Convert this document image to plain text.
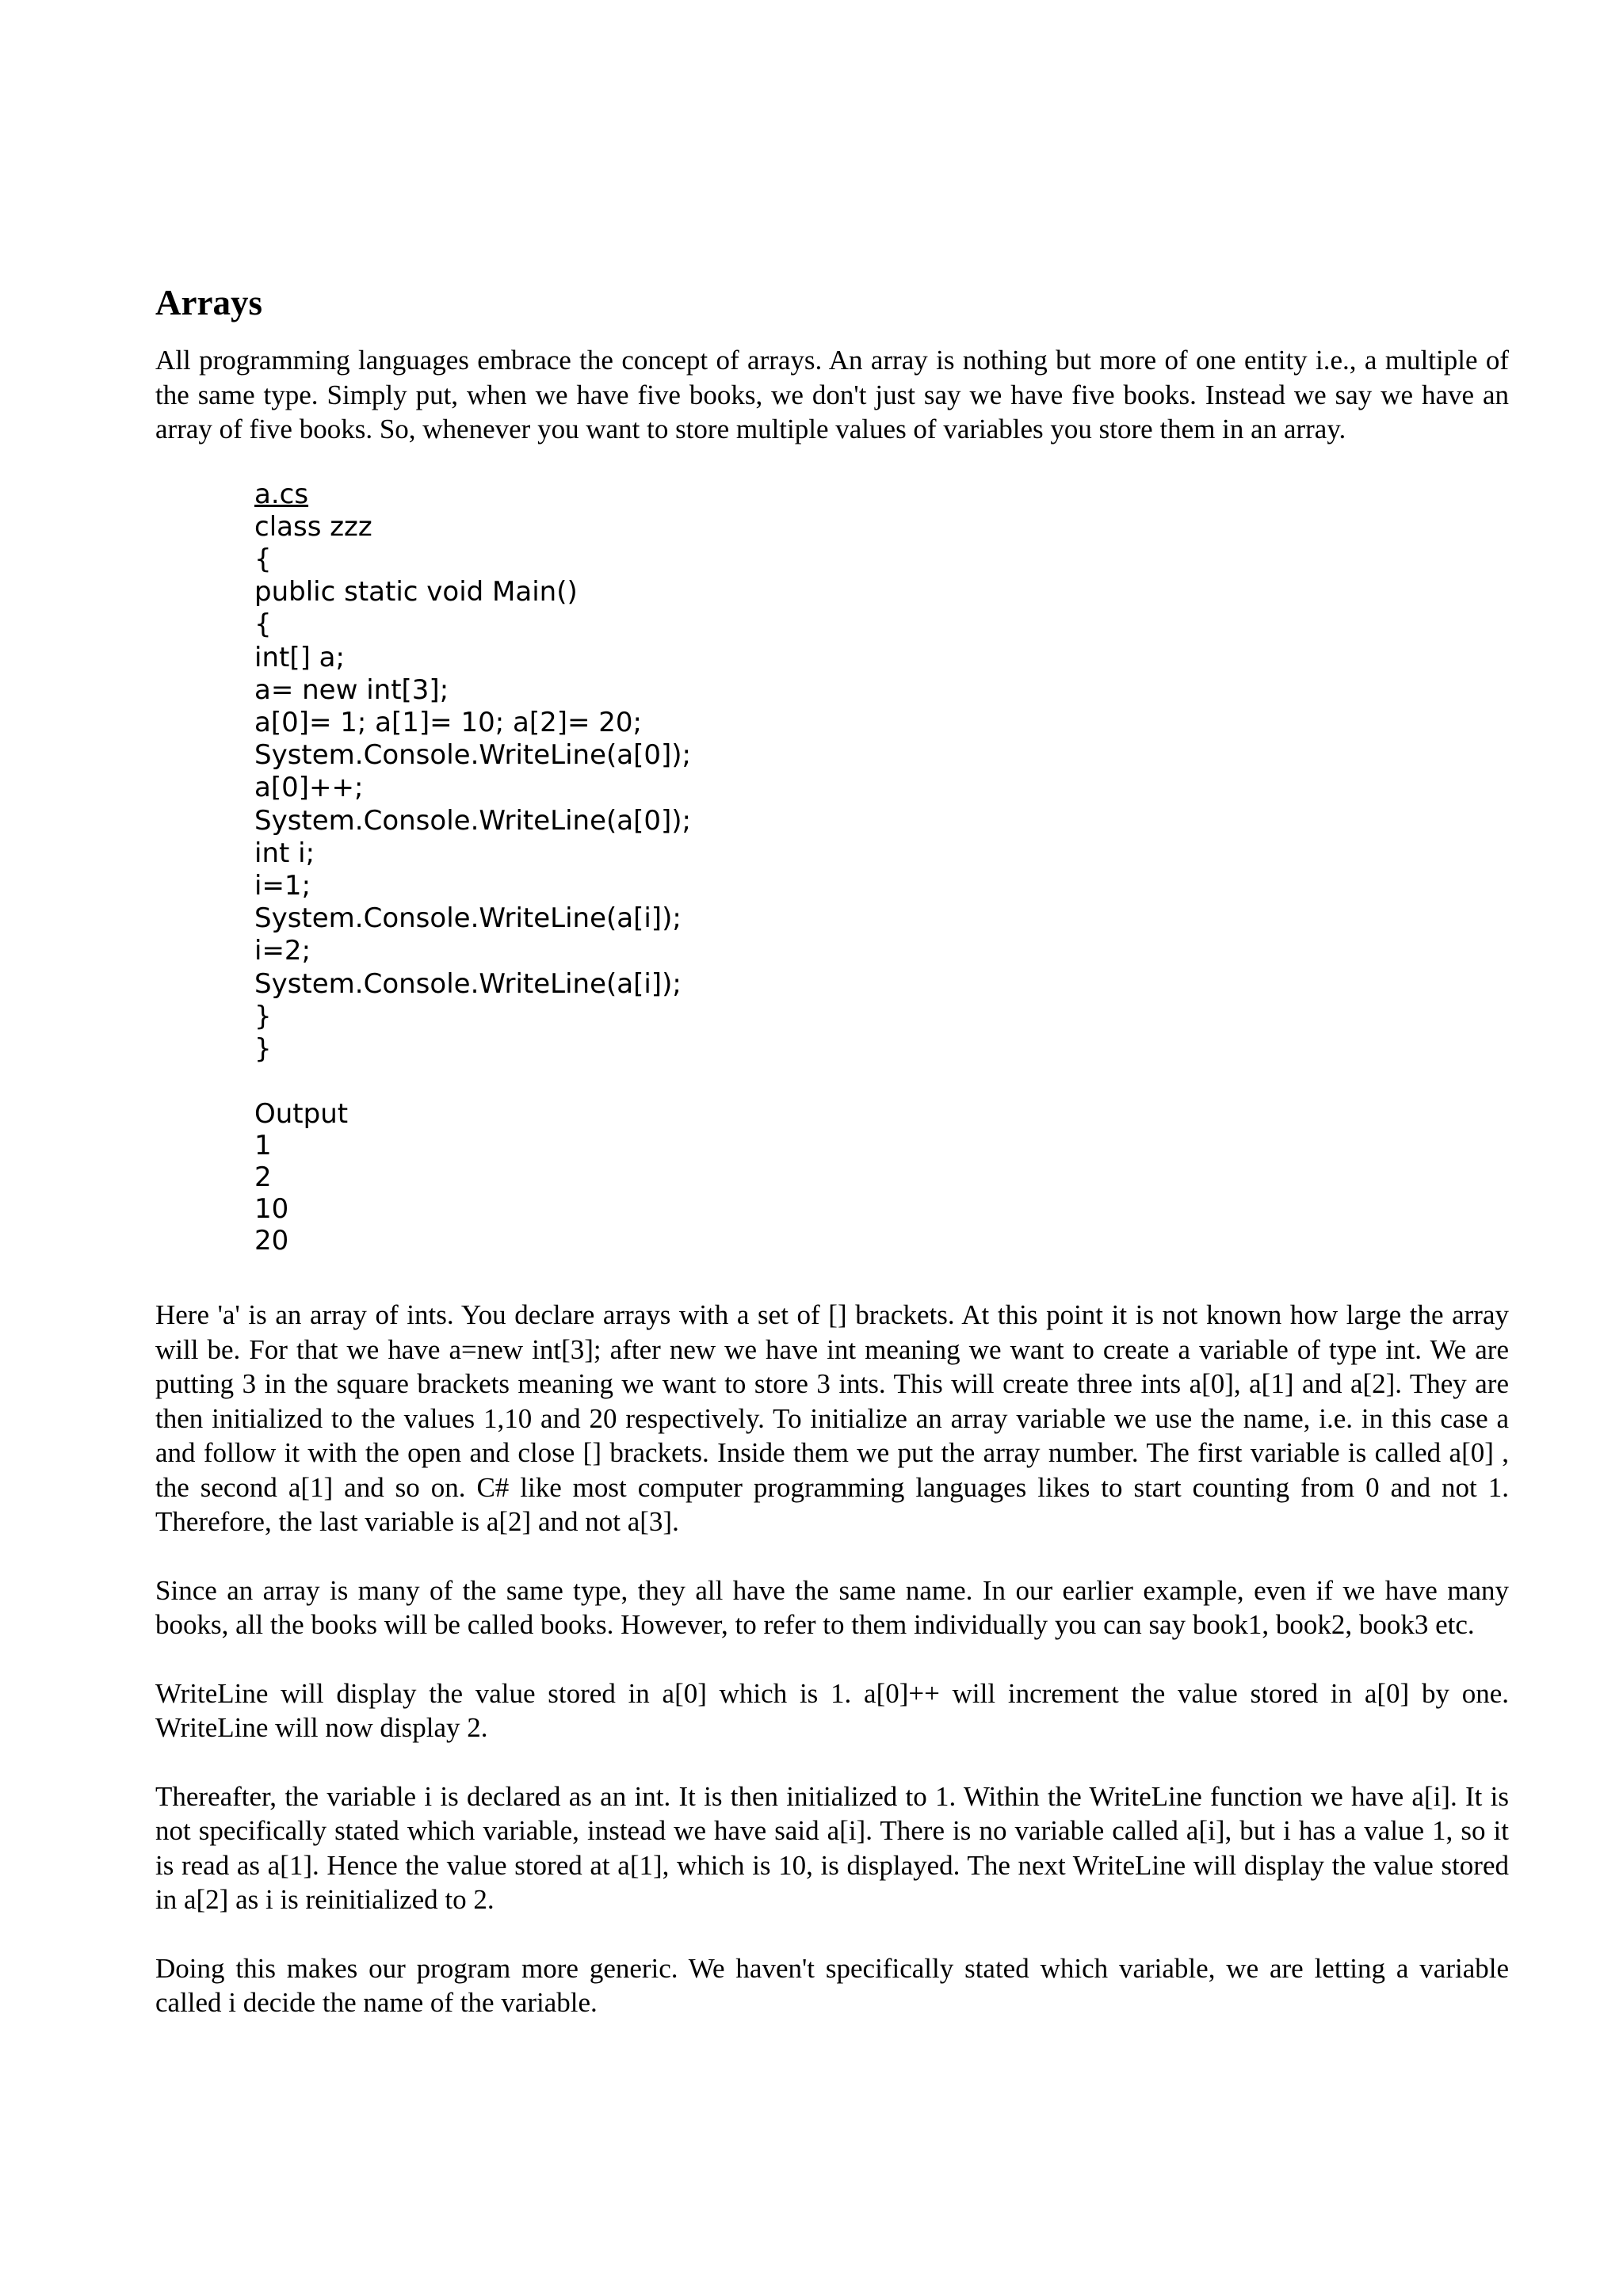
Arrays

All programming languages embrace the concept of arrays. An array is nothing but more of one entity i.e., a multiple of the same type. Simply put, when we have five books, we don't just say we have five books. Instead we say we have an array of five books. So, whenever you want to store multiple values of variables you store them in an array.

a.cs
class zzz
{
public static void Main()
{
int[] a;
a= new int[3];
a[0]= 1; a[1]= 10; a[2]= 20;
System.Console.WriteLine(a[0]);
a[0]++;
System.Console.WriteLine(a[0]);
int i;
i=1;
System.Console.WriteLine(a[i]);
i=2;
System.Console.WriteLine(a[i]);
}
}
Output
1
2
10
20

Here 'a' is an array of ints. You declare arrays with a set of [] brackets. At this point it is not known how large the array will be. For that we have a=new int[3]; after new we have int meaning we want to create a variable of type int. We are putting 3 in the square brackets meaning we want to store 3 ints. This will create three ints a[0], a[1] and a[2]. They are then initialized to the values 1,10 and 20 respectively. To initialize an array variable we use the name, i.e. in this case a and follow it with the open and close [] brackets. Inside them we put the array number. The first variable is called a[0] , the second a[1] and so on. C# like most computer programming languages likes to start counting from 0 and not 1. Therefore, the last variable is a[2] and not a[3].

Since an array is many of the same type, they all have the same name. In our earlier example, even if we have many books, all the books will be called books. However, to refer to them individually you can say book1, book2, book3 etc.

WriteLine will display the value stored in a[0] which is 1. a[0]++ will increment the value stored in a[0] by one. WriteLine will now display 2.

Thereafter, the variable i is declared as an int. It is then initialized to 1. Within the WriteLine function we have a[i]. It is not specifically stated which variable, instead we have said a[i]. There is no variable called a[i], but i has a value 1, so it is read as a[1]. Hence the value stored at a[1], which is 10, is displayed. The next WriteLine will display the value stored in a[2] as i is reinitialized to 2.

Doing this makes our program more generic. We haven't specifically stated which variable, we are letting a variable called i decide the name of the variable.
